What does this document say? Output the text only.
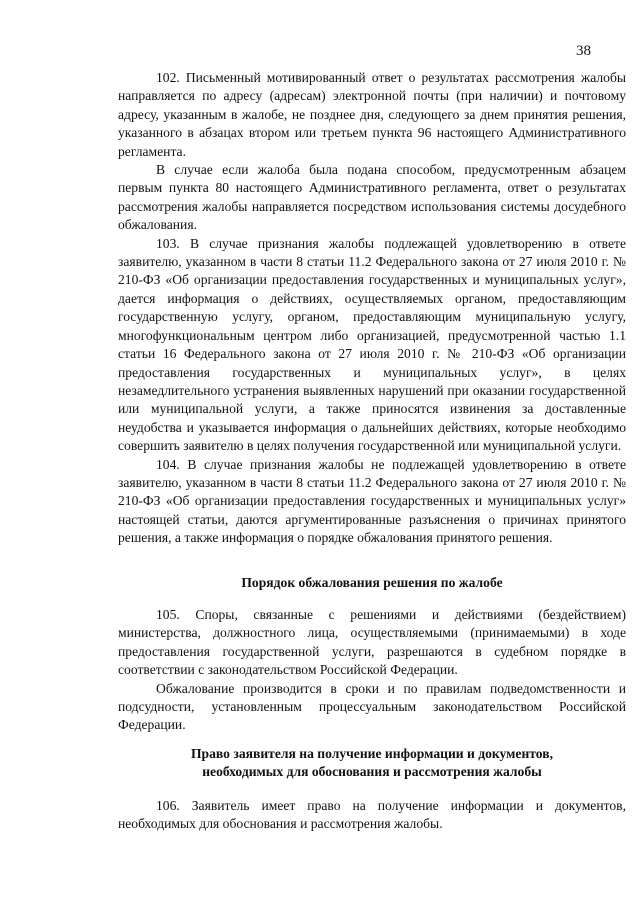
38

102. Письменный мотивированный ответ о результатах рассмотрения жалобы направляется по адресу (адресам) электронной почты (при наличии) и почтовому адресу, указанным в жалобе, не позднее дня, следующего за днем принятия решения, указанного в абзацах втором или третьем пункта 96 настоящего Административного регламента.

В случае если жалоба была подана способом, предусмотренным абзацем первым пункта 80 настоящего Административного регламента, ответ о результатах рассмотрения жалобы направляется посредством использования системы досудебного обжалования.

103. В случае признания жалобы подлежащей удовлетворению в ответе заявителю, указанном в части 8 статьи 11.2 Федерального закона от 27 июля 2010 г. № 210-ФЗ «Об организации предоставления государственных и муниципальных услуг», дается информация о действиях, осуществляемых органом, предоставляющим государственную услугу, органом, предоставляющим муниципальную услугу, многофункциональным центром либо организацией, предусмотренной частью 1.1 статьи 16 Федерального закона от 27 июля 2010 г. № 210-ФЗ «Об организации предоставления государственных и муниципальных услуг», в целях незамедлительного устранения выявленных нарушений при оказании государственной или муниципальной услуги, а также приносятся извинения за доставленные неудобства и указывается информация о дальнейших действиях, которые необходимо совершить заявителю в целях получения государственной или муниципальной услуги.

104. В случае признания жалобы не подлежащей удовлетворению в ответе заявителю, указанном в части 8 статьи 11.2 Федерального закона от 27 июля 2010 г. № 210-ФЗ «Об организации предоставления государственных и муниципальных услуг» настоящей статьи, даются аргументированные разъяснения о причинах принятого решения, а также информация о порядке обжалования принятого решения.

Порядок обжалования решения по жалобе

105. Споры, связанные с решениями и действиями (бездействием) министерства, должностного лица, осуществляемыми (принимаемыми) в ходе предоставления государственной услуги, разрешаются в судебном порядке в соответствии с законодательством Российской Федерации.

Обжалование производится в сроки и по правилам подведомственности и подсудности, установленным процессуальным законодательством Российской Федерации.

Право заявителя на получение информации и документов,
необходимых для обоснования и рассмотрения жалобы

106. Заявитель имеет право на получение информации и документов, необходимых для обоснования и рассмотрения жалобы.
